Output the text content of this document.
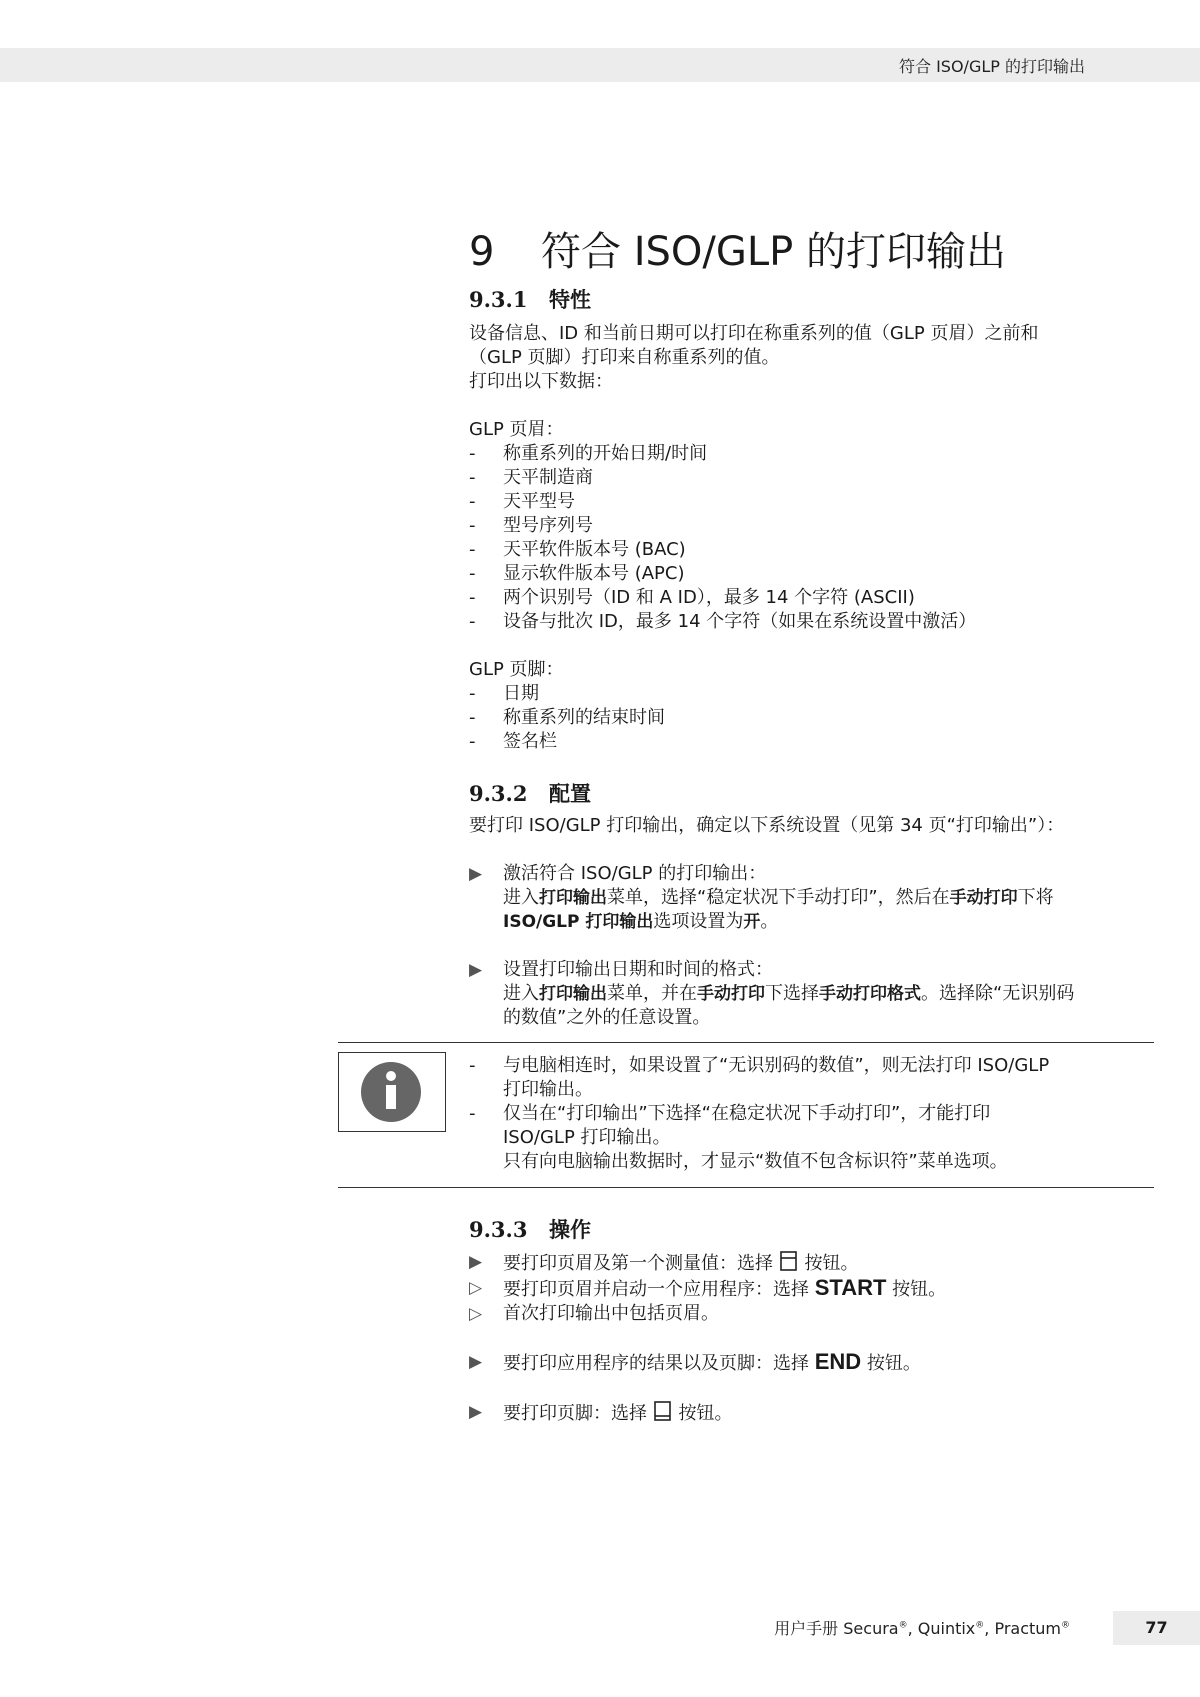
符合 ISO/GLP 的打印输出
9 符合 ISO/GLP 的打印输出
9.3.1 特性

设备信息、ID 和当前日期可以打印在称重系列的值（GLP 页眉）之前和

（GLP 页脚）打印来自称重系列的值。

打印出以下数据：

GLP 页眉：

-	称重系列的开始日期/时间
-	天平制造商
-	天平型号
-	型号序列号
-	天平软件版本号 (BAC)
-	显示软件版本号 (APC)
-	两个识别号（ID 和 A ID），最多 14 个字符 (ASCII)
-	设备与批次 ID，最多 14 个字符（如果在系统设置中激活）

GLP 页脚：

-	日期
-	称重系列的结束时间
-	签名栏
9.3.2 配置

要打印 ISO/GLP 打印输出，确定以下系统设置（见第 34 页“打印输出”）：

▶	激活符合 ISO/GLP 的打印输出：
进入打印输出菜单，选择“稳定状况下手动打印”，然后在手动打印下将
ISO/GLP 打印输出选项设置为开。
▶	设置打印输出日期和时间的格式：
进入打印输出菜单，并在手动打印下选择手动打印格式。选择除“无识别码
的数值”之外的任意设置。
-	与电脑相连时，如果设置了“无识别码的数值”，则无法打印 ISO/GLP
打印输出。
-	仅当在“打印输出”下选择“在稳定状况下手动打印”，才能打印
ISO/GLP 打印输出。
只有向电脑输出数据时，才显示“数值不包含标识符”菜单选项。
9.3.3 操作
▶	要打印页眉及第一个测量值：选择 按钮。
▷	要打印页眉并启动一个应用程序：选择 START 按钮。
▷	首次打印输出中包括页眉。
▶	要打印应用程序的结果以及页脚：选择 END 按钮。
▶	要打印页脚：选择 按钮。
用户手册 Secura®, Quintix®, Practum®	77
